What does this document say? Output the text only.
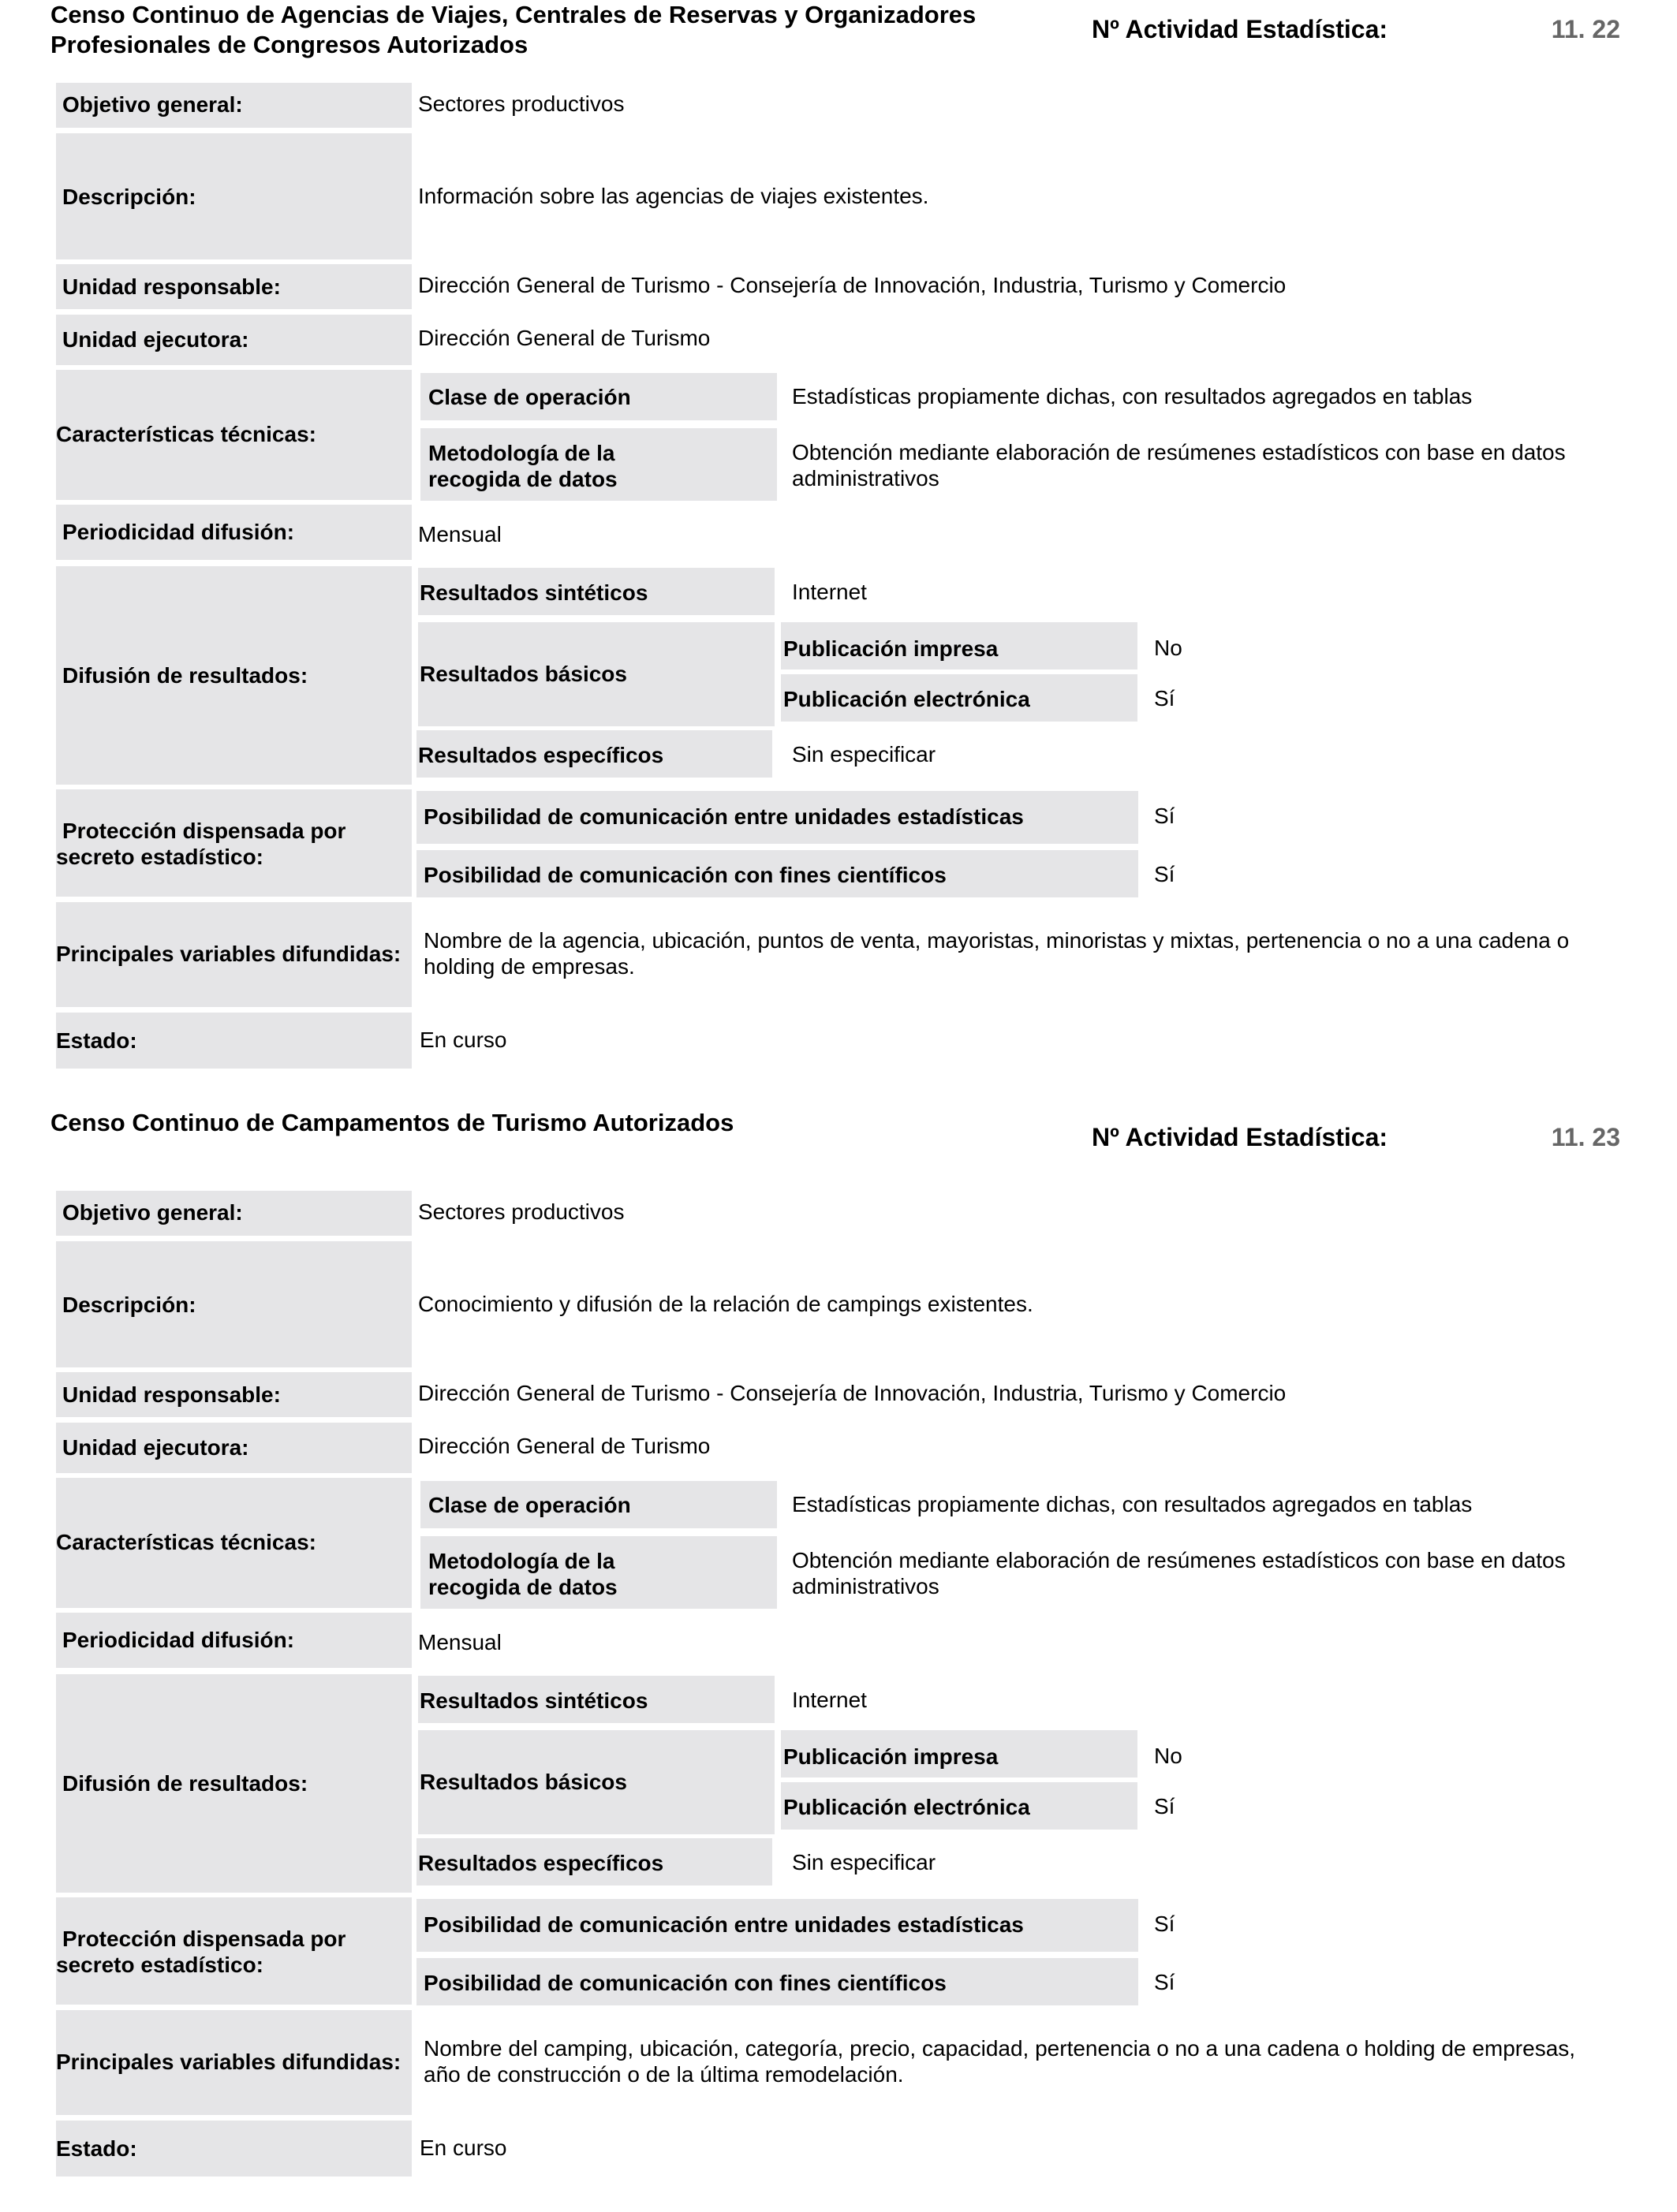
Censo Continuo de Agencias de Viajes, Centrales de Reservas y Organizadores
Profesionales de Congresos Autorizados
Nº Actividad Estadística:	11. 22
Objetivo general:
Descripción:
Unidad responsable:
Unidad ejecutora:
Características técnicas:
Periodicidad difusión:
Difusión de resultados:
Protección dispensada por
secreto estadístico:
Principales variables difundidas:
Estado:
Clase de operación
Metodología de la
recogida de datos
Resultados sintéticos
Resultados básicos
Publicación impresa
Publicación electrónica
Resultados específicos
Posibilidad de comunicación entre unidades estadísticas
Posibilidad de comunicación con fines científicos
Sectores productivos
Información sobre las agencias de viajes existentes.
Dirección General de Turismo - Consejería de Innovación, Industria, Turismo y Comercio
Dirección General de Turismo
Estadísticas propiamente dichas, con resultados agregados en tablas
Obtención mediante elaboración de resúmenes estadísticos con base en datos
administrativos
Mensual
Internet
No
Sí
Sin especificar
Sí
Sí
Nombre de la agencia, ubicación, puntos de venta, mayoristas, minoristas y mixtas, pertenencia o no a una cadena o
holding de empresas.
En curso
Censo Continuo de Campamentos de Turismo Autorizados
Nº Actividad Estadística:	11. 23
Objetivo general:
Descripción:
Unidad responsable:
Unidad ejecutora:
Características técnicas:
Periodicidad difusión:
Difusión de resultados:
Protección dispensada por
secreto estadístico:
Principales variables difundidas:
Estado:
Clase de operación
Metodología de la
recogida de datos
Resultados sintéticos
Resultados básicos
Publicación impresa
Publicación electrónica
Resultados específicos
Posibilidad de comunicación entre unidades estadísticas
Posibilidad de comunicación con fines científicos
Sectores productivos
Conocimiento y difusión de la relación de campings existentes.
Dirección General de Turismo - Consejería de Innovación, Industria, Turismo y Comercio
Dirección General de Turismo
Estadísticas propiamente dichas, con resultados agregados en tablas
Obtención mediante elaboración de resúmenes estadísticos con base en datos
administrativos
Mensual
Internet
No
Sí
Sin especificar
Sí
Sí
Nombre del camping, ubicación, categoría, precio, capacidad, pertenencia o no a una cadena o holding de empresas,
año de construcción o de la última remodelación.
En curso
